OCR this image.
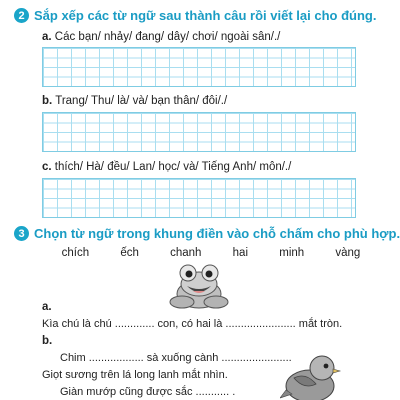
2 Sắp xếp các từ ngữ sau thành câu rồi viết lại cho đúng.
a. Các bạn/ nhảy/ đang/ dây/ chơi/ ngoài sân/./
b. Trang/ Thu/ là/ và/ bạn thân/ đôi/./
c. thích/ Hà/ đều/ Lan/ học/ và/ Tiếng Anh/ môn/./
3 Chọn từ ngữ trong khung điền vào chỗ chấm cho phù hợp.
chích	ếch	chanh	hai	minh	vàng
a.
Kìa chú là chú ............. con, có hai là ....................... mắt tròn.
b.
Chim .................. sà xuống cành .......................
Giọt sương trên lá long lanh mắt nhìn.
Giàn mướp cũng được sắc ........... .
